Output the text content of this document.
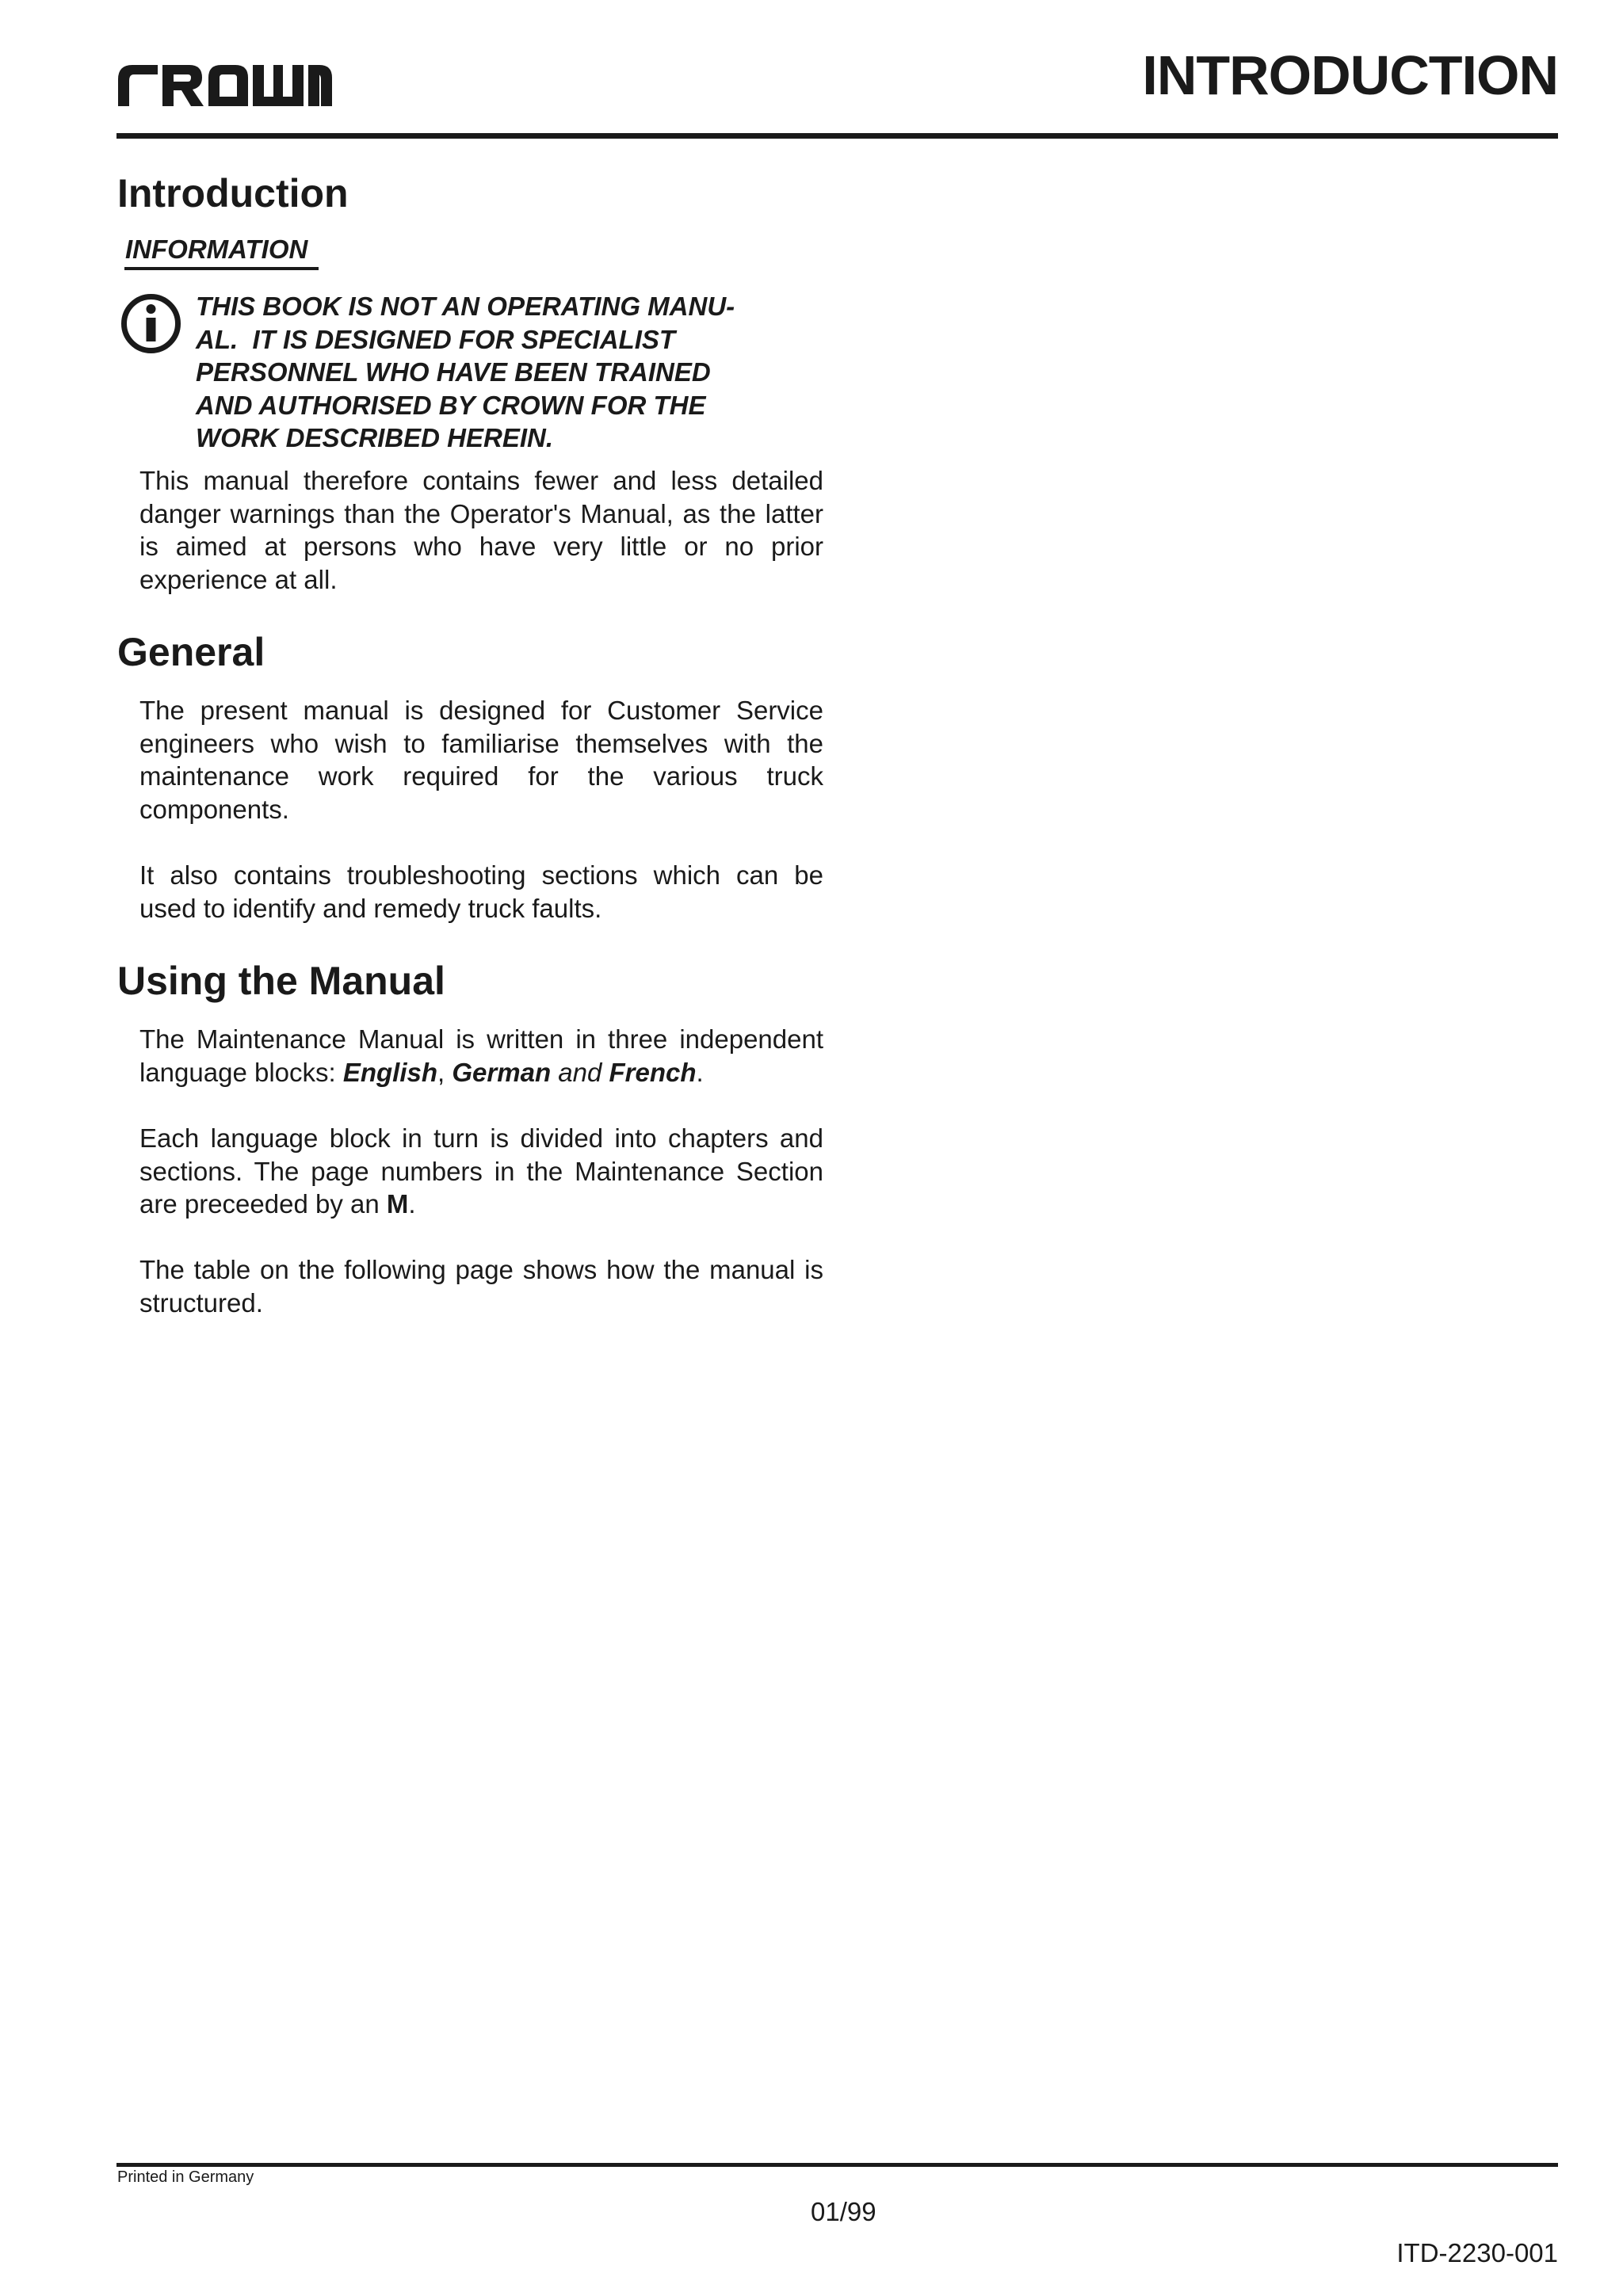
CROWN	INTRODUCTION
Introduction
INFORMATION
THIS BOOK IS NOT AN OPERATING MANU-
AL.  IT IS DESIGNED FOR SPECIALIST
PERSONNEL WHO HAVE BEEN TRAINED
AND AUTHORISED BY CROWN FOR THE
WORK DESCRIBED HEREIN.

This manual therefore contains fewer and less detailed danger warnings than the Operator's Manual, as the latter is aimed at persons who have very little or no prior experience at all.

General

The present manual is designed for Customer Service engineers who wish to familiarise themselves with the maintenance work required for the various truck components.

It also contains troubleshooting sections which can be used to identify and remedy truck faults.

Using the Manual

The Maintenance Manual is written in three independent language blocks: English, German and French.

Each language block in turn is divided into chapters and sections. The page numbers in the Maintenance Section are preceeded by an M.

The table on the following page shows how the manual is structured.

Printed in Germany
01/99
ITD-2230-001
